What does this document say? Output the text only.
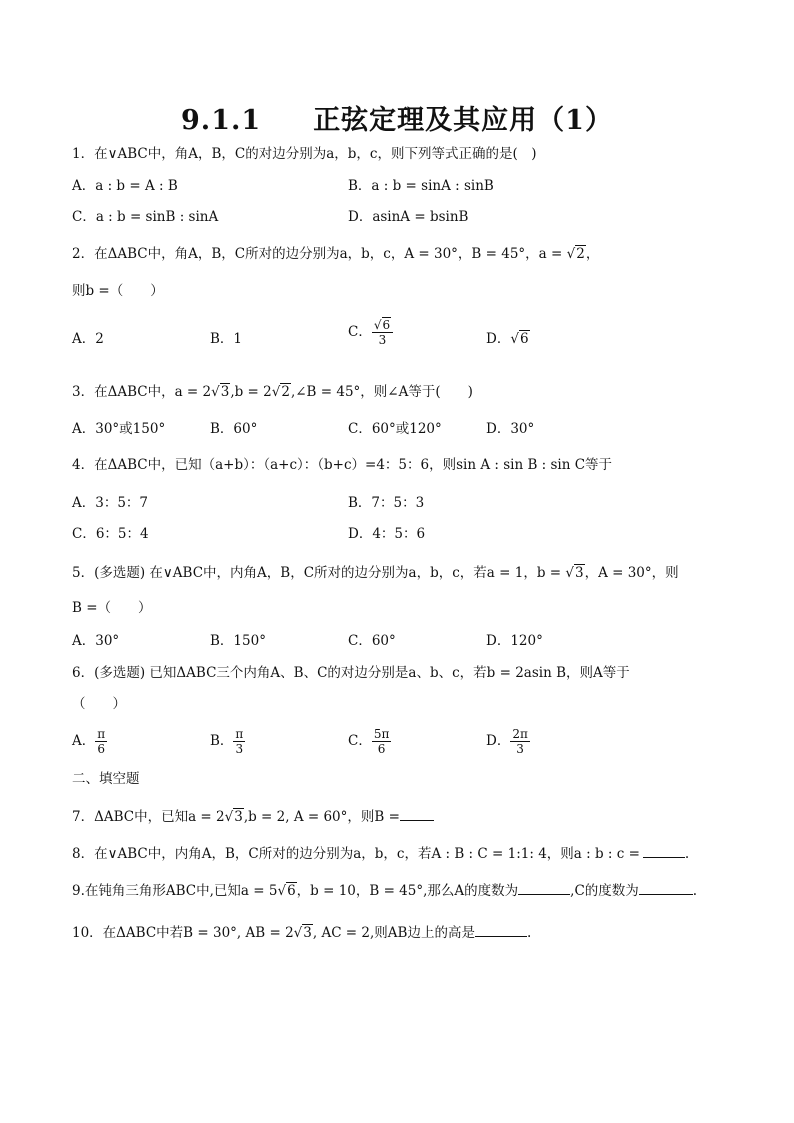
9.1.1 正弦定理及其应用（1）
1．在∨ABC中，角A，B，C的对边分别为a，b，c，则下列等式正确的是(　)
A．a : b = A : B	B．a : b = sinA : sinB
C．a : b = sinB : sinA	D．asinA = bsinB
2．在ΔABC中，角A，B，C所对的边分别为a，b，c，A = 30°，B = 45°，a = √2，
则b =（　　）
A．2	B．1	C． $\frac{√6}{3}$	D．√6
3．在ΔABC中，a = 2√3,b = 2√2,∠B = 45°，则∠A等于(　　)
A．30°或150°	B．60°	C．60°或120°	D．30°
4．在ΔABC中，已知（a+b）：（a+c）：（b+c）=4：5：6，则sin A : sin B : sin C等于
A．3：5：7	B．7：5：3
C．6：5：4	D．4：5：6
5．(多选题) 在∨ABC中，内角A，B，C所对的边分别为a，b，c，若a = 1，b = √3，A = 30°，则
B =（　　）
A．30°	B．150°	C．60°	D．120°
6．(多选题) 已知ΔABC三个内角A、B、C的对边分别是a、b、c，若b = 2asin B，则A等于
（　　）
A． $\frac{\pi}{6}$	B． $\frac{\pi}{3}$	C． $\frac{5\pi}{6}$	D． $\frac{2\pi}{3}$
二、填空题
7．ΔABC中，已知a = 2√3,b = 2, A = 60°，则B =
8．在∨ABC中，内角A，B，C所对的边分别为a，b，c，若A : B : C = 1:1: 4，则a : b : c =	.
9.在钝角三角形ABC中,已知a = 5√6，b = 10，B = 45°,那么A的度数为	,C的度数为	.
10．在ΔABC中若B = 30°, AB = 2√3, AC = 2,则AB边上的高是	.
